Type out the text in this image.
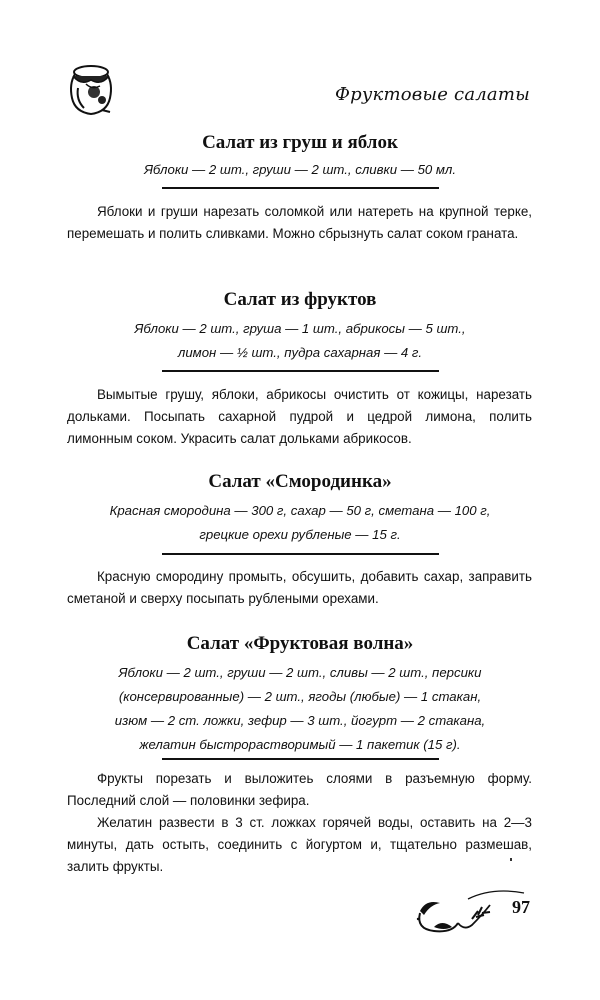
Фруктовые салаты
Салат из груш и яблок
Яблоки — 2 шт., груши — 2 шт., сливки — 50 мл.

Яблоки и груши нарезать соломкой или натереть на крупной терке, перемешать и полить сливками. Можно сбрызнуть салат соком граната.

Салат из фруктов
Яблоки — 2 шт., груша — 1 шт., абрикосы — 5 шт.,
лимон — ½ шт., пудра сахарная — 4 г.

Вымытые грушу, яблоки, абрикосы очистить от кожицы, нарезать дольками. Посыпать сахарной пудрой и цедрой лимона, полить лимонным соком. Украсить салат дольками абрикосов.

Салат «Смородинка»
Красная смородина — 300 г, сахар — 50 г, сметана — 100 г,
грецкие орехи рубленые — 15 г.

Красную смородину промыть, обсушить, добавить сахар, заправить сметаной и сверху посыпать рублеными орехами.

Салат «Фруктовая волна»
Яблоки — 2 шт., груши — 2 шт., сливы — 2 шт., персики
(консервированные) — 2 шт., ягоды (любые) — 1 стакан,
изюм — 2 ст. ложки, зефир — 3 шт., йогурт — 2 стакана,
желатин быстрорастворимый — 1 пакетик (15 г).

Фрукты порезать и выложитеь слоями в разъемную форму. Последний слой — половинки зефира.

Желатин развести в 3 ст. ложках горячей воды, оставить на 2—3 минуты, дать остыть, соединить с йогуртом и, тщательно размешав, залить фрукты.

97
